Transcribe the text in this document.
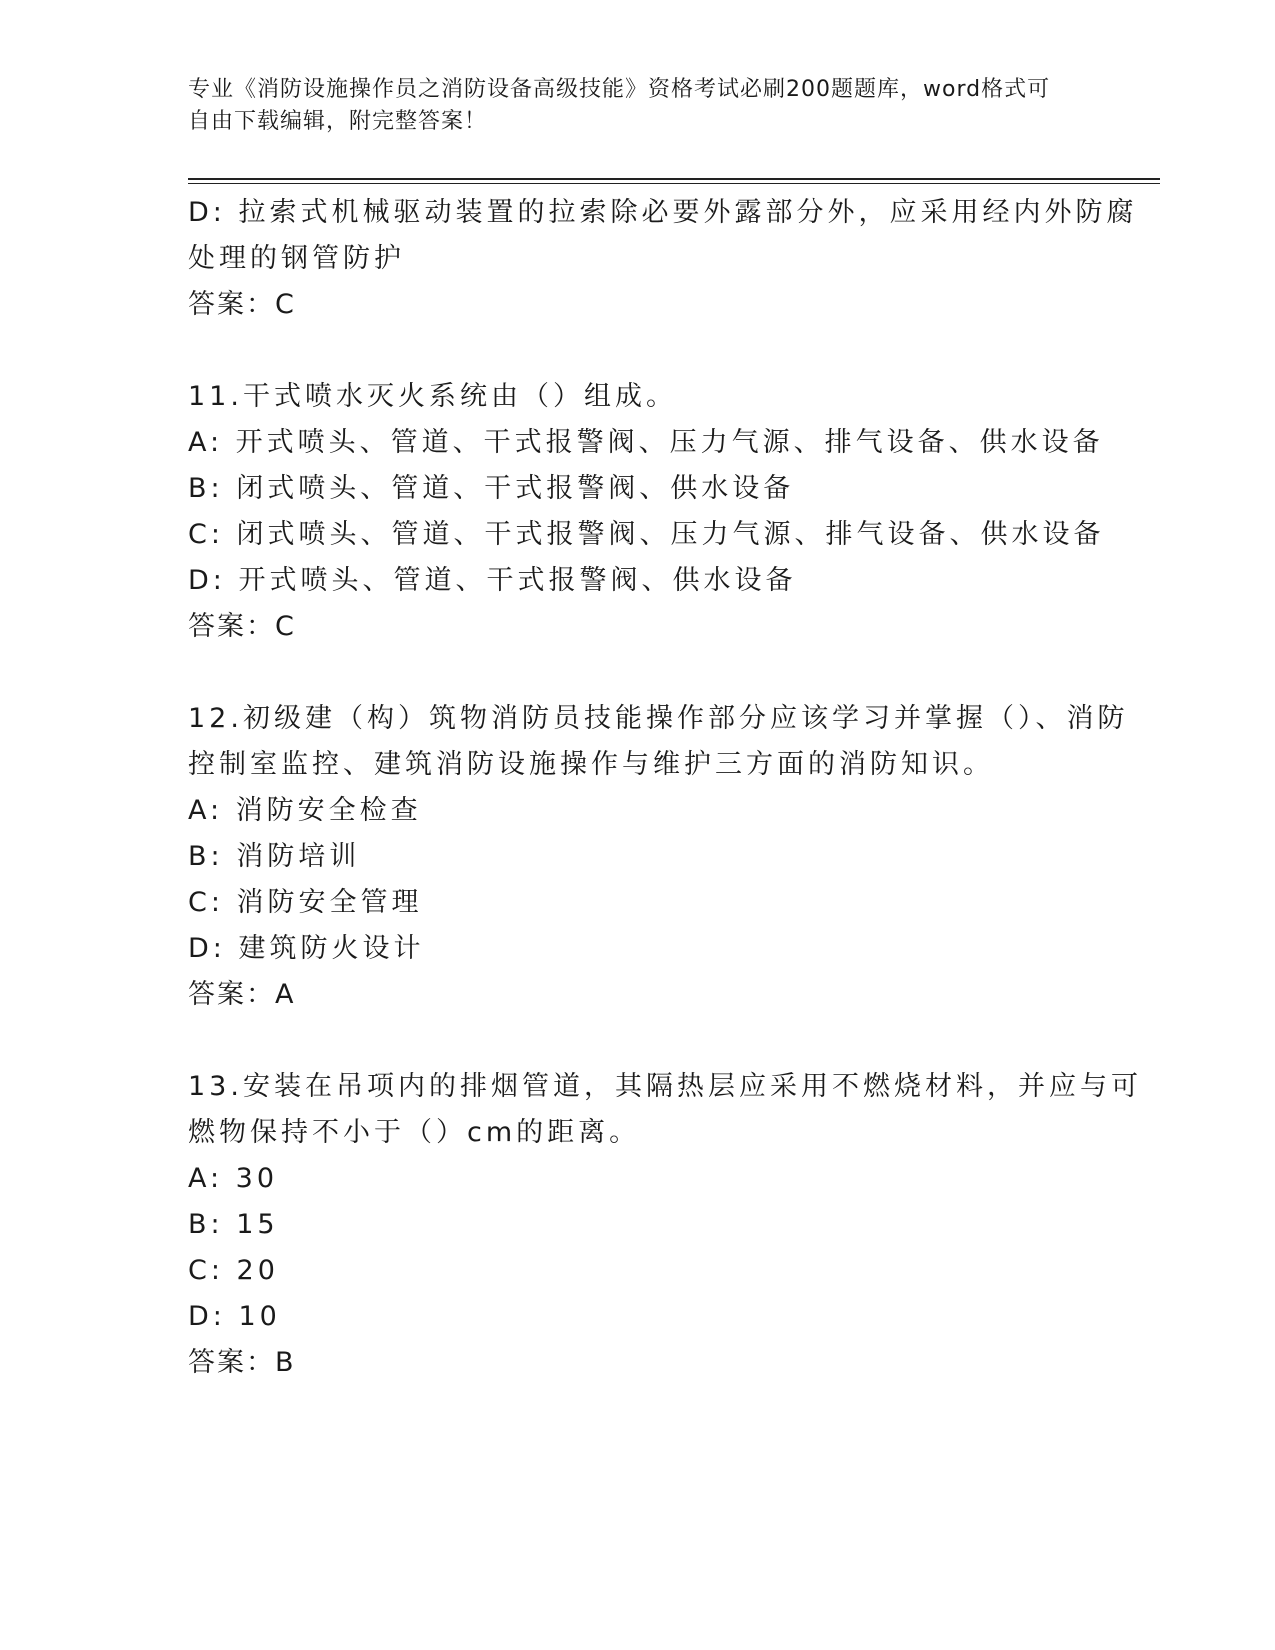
专业《消防设施操作员之消防设备高级技能》资格考试必刷200题题库，word格式可自由下载编辑，附完整答案！
D: 拉索式机械驱动装置的拉索除必要外露部分外，应采用经内外防腐
处理的钢管防护
答案：C
11.干式喷水灭火系统由（）组成。
A: 开式喷头、管道、干式报警阀、压力气源、排气设备、供水设备
B: 闭式喷头、管道、干式报警阀、供水设备
C: 闭式喷头、管道、干式报警阀、压力气源、排气设备、供水设备
D: 开式喷头、管道、干式报警阀、供水设备
答案：C
12.初级建（构）筑物消防员技能操作部分应该学习并掌握（）、消防
控制室监控、建筑消防设施操作与维护三方面的消防知识。
A: 消防安全检查
B: 消防培训
C: 消防安全管理
D: 建筑防火设计
答案：A
13.安装在吊项内的排烟管道，其隔热层应采用不燃烧材料，并应与可
燃物保持不小于（）cm的距离。
A: 30
B: 15
C: 20
D: 10
答案：B
